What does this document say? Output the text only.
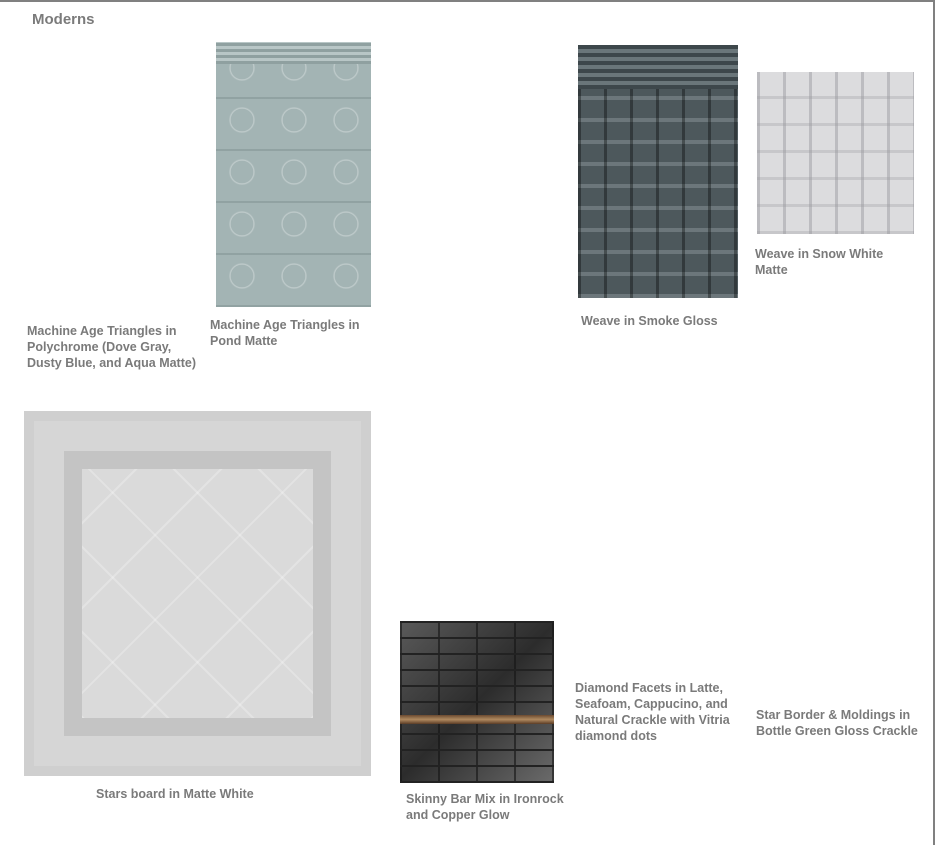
Moderns
Machine Age Triangles in Polychrome (Dove Gray, Dusty Blue, and Aqua Matte)
Machine Age Triangles in Pond Matte
Weave in Smoke Gloss
Weave in Snow White Matte
Stars board in Matte White	Skinny Bar Mix in Ironrock and Copper Glow
Diamond Facets in Latte, Seafoam, Cappucino, and Natural Crackle with Vitria diamond dots
Star Border & Moldings in Bottle Green Gloss Crackle
